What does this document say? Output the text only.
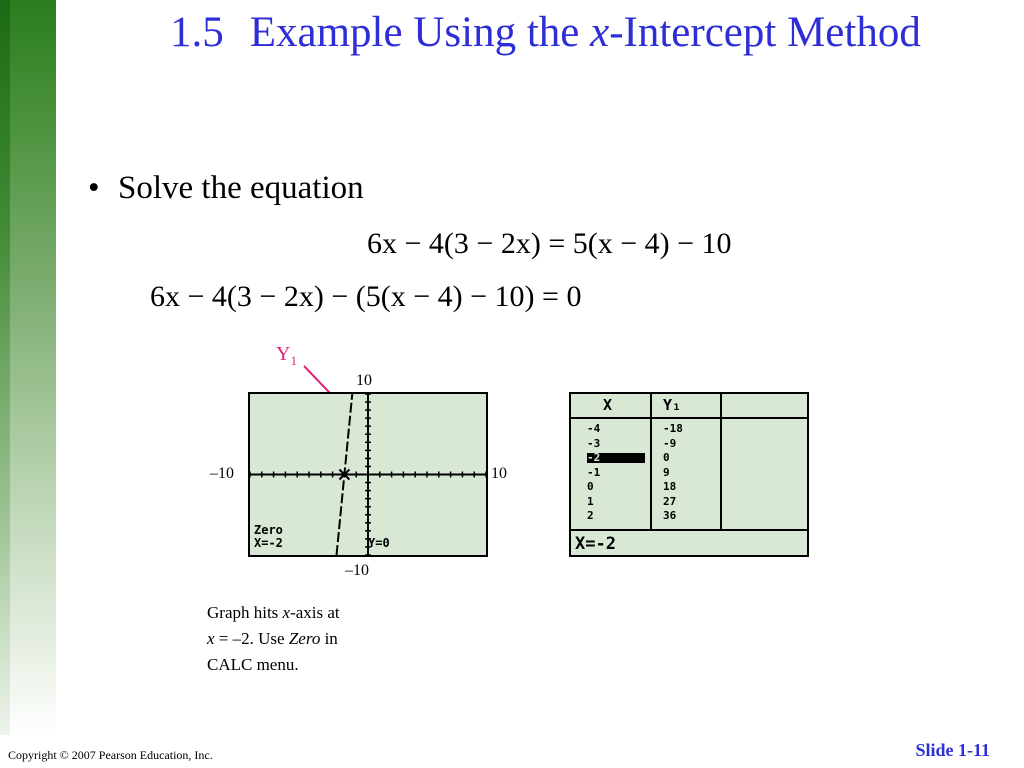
1.5 Example Using the x-Intercept Method
• Solve the equation
6x − 4(3 − 2x) = 5(x − 4) − 10
6x − 4(3 − 2x) − (5(x − 4) − 10) = 0
$Y_1$
10
–10
–10	10
Zero
X=-2	Y=0
X	Y₁
-4	-18
-3	-9
-2	0
-1	9
0	18
1	27
2	36
X=-2
Graph hits x-axis at
x = –2. Use Zero in
CALC menu.
Copyright © 2007 Pearson Education, Inc.	Slide 1-11
